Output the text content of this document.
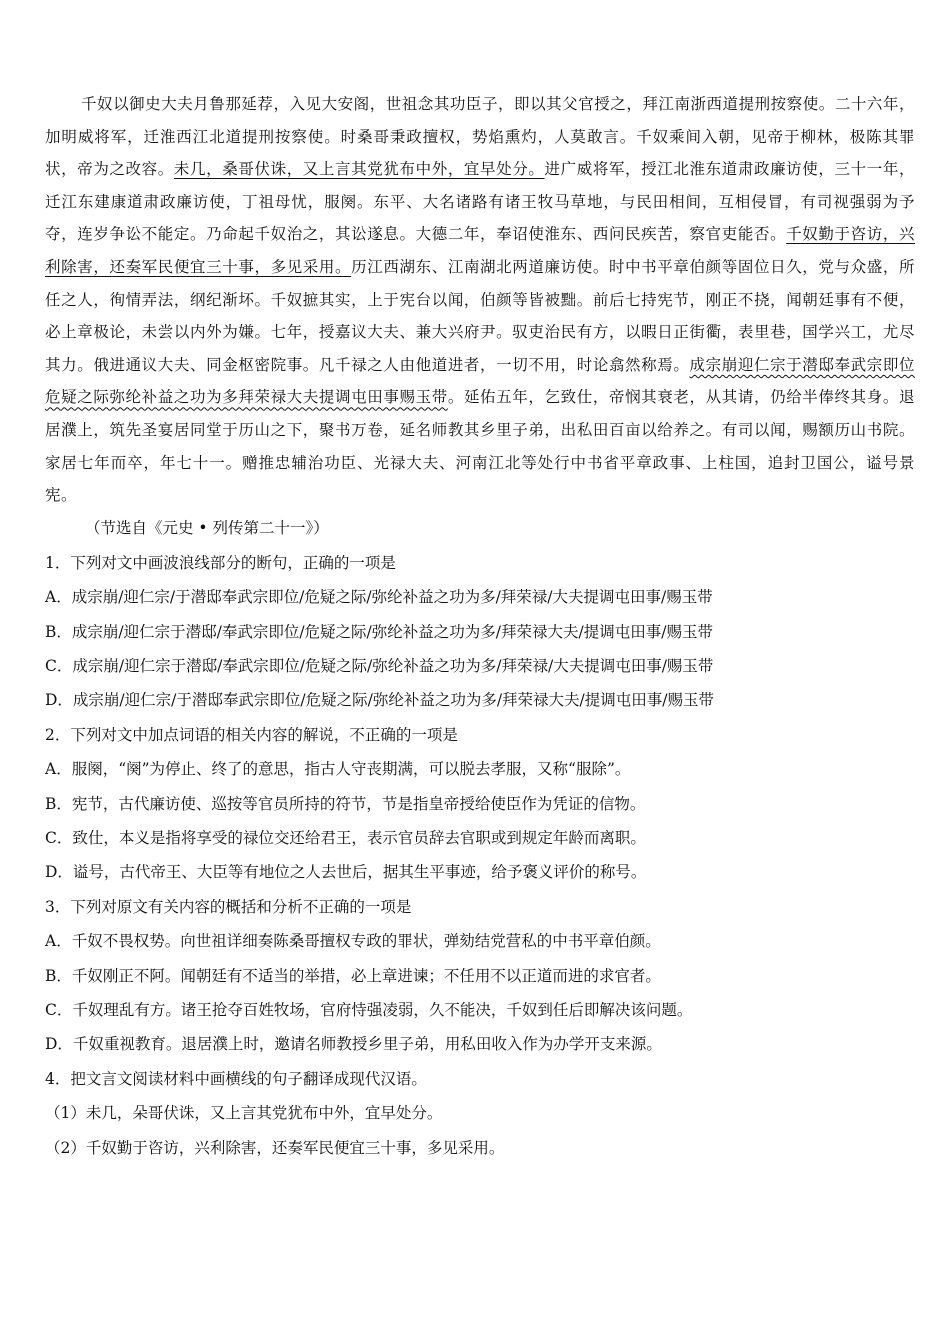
千奴以御史大夫月鲁那延荐，入见大安阁，世祖念其功臣子，即以其父官授之，拜江南浙西道提刑按察使。二十六年，加明威将军，迁淮西江北道提刑按察使。时桑哥秉政擅权，势焰熏灼，人莫敢言。千奴乘间入朝，见帝于柳林，极陈其罪状，帝为之改容。未几，桑哥伏诛，又上言其党犹布中外，宜早处分。进广威将军，授江北淮东道肃政廉访使，三十一年，迁江东建康道肃政廉访使，丁祖母忧，服阕。东平、大名诸路有诸王牧马草地，与民田相间，互相侵冒，有司视强弱为予夺，连岁争讼不能定。乃命起千奴治之，其讼遂息。大德二年，奉诏使淮东、西问民疾苦，察官吏能否。千奴勤于咨访，兴利除害，还奏军民便宜三十事，多见采用。历江西湖东、江南湖北两道廉访使。时中书平章伯颜等固位日久，党与众盛，所任之人，徇情弄法，纲纪渐坏。千奴摭其实，上于宪台以闻，伯颜等皆被黜。前后七持宪节，刚正不挠，闻朝廷事有不便，必上章极论，未尝以内外为嫌。七年，授嘉议大夫、兼大兴府尹。驭吏治民有方，以暇日正街衢，表里巷，国学兴工，尤尽其力。俄进通议大夫、同金枢密院事。凡千禄之人由他道进者，一切不用，时论翕然称焉。成宗崩迎仁宗于潜邸奉武宗即位危疑之际弥纶补益之功为多拜荣禄大夫提调屯田事赐玉带。延佑五年，乞致仕，帝悯其衰老，从其请，仍给半俸终其身。退居濮上，筑先圣宴居同堂于历山之下，聚书万卷，延名师教其乡里子弟，出私田百亩以给养之。有司以闻，赐额历山书院。家居七年而卒，年七十一。赠推忠辅治功臣、光禄大夫、河南江北等处行中书省平章政事、上柱国，追封卫国公，谥号景宪。

（节选自《元史 • 列传第二十一》）

1．下列对文中画波浪线部分的断句，正确的一项是

A．成宗崩/迎仁宗/于潜邸奉武宗即位/危疑之际/弥纶补益之功为多/拜荣禄/大夫提调屯田事/赐玉带

B．成宗崩/迎仁宗于潜邸/奉武宗即位/危疑之际/弥纶补益之功为多/拜荣禄大夫/提调屯田事/赐玉带

C．成宗崩/迎仁宗于潜邸/奉武宗即位/危疑之际/弥纶补益之功为多/拜荣禄/大夫提调屯田事/赐玉带

D．成宗崩/迎仁宗/于潜邸奉武宗即位/危疑之际/弥纶补益之功为多/拜荣禄大夫/提调屯田事/赐玉带

2．下列对文中加点词语的相关内容的解说，不正确的一项是

A．服阕，“阕”为停止、终了的意思，指古人守丧期满，可以脱去孝服，又称“服除”。

B．宪节，古代廉访使、巡按等官员所持的符节，节是指皇帝授给使臣作为凭证的信物。

C．致仕，本义是指将享受的禄位交还给君王，表示官员辞去官职或到规定年龄而离职。

D．谥号，古代帝王、大臣等有地位之人去世后，据其生平事迹，给予褒义评价的称号。

3．下列对原文有关内容的概括和分析不正确的一项是

A．千奴不畏权势。向世祖详细奏陈桑哥擅权专政的罪状，弹劾结党营私的中书平章伯颜。

B．千奴刚正不阿。闻朝廷有不适当的举措，必上章进谏；不任用不以正道而进的求官者。

C．千奴理乱有方。诸王抢夺百姓牧场，官府恃强凌弱，久不能决，千奴到任后即解决该问题。

D．千奴重视教育。退居濮上时，邀请名师教授乡里子弟，用私田收入作为办学开支来源。

4．把文言文阅读材料中画横线的句子翻译成现代汉语。

（1）未几，朵哥伏诛，又上言其党犹布中外，宜早处分。

（2）千奴勤于咨访，兴利除害，还奏军民便宜三十事，多见采用。
